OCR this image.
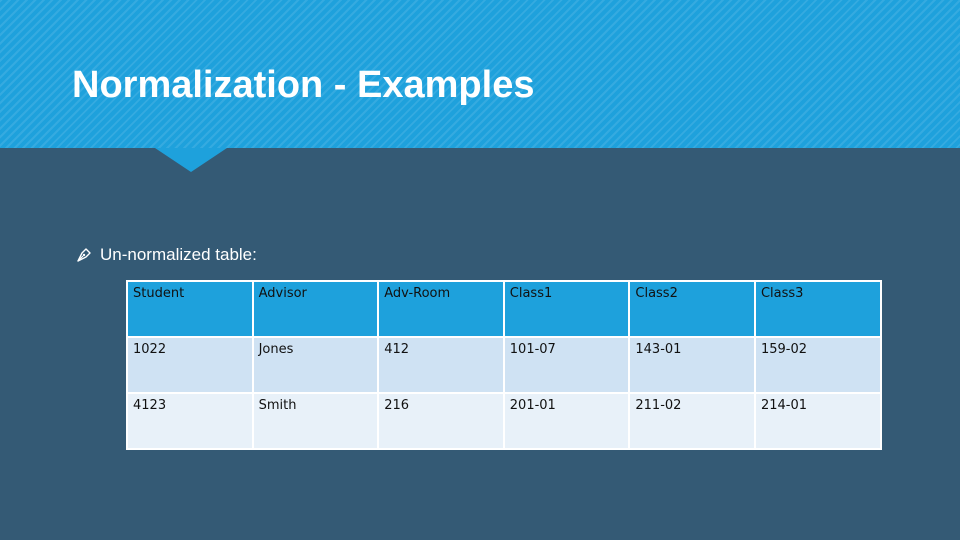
Normalization - Examples
Un-normalized table:
Student	Advisor	Adv-Room	Class1	Class2	Class3
1022	Jones	412	101-07	143-01	159-02
4123	Smith	216	201-01	211-02	214-01
